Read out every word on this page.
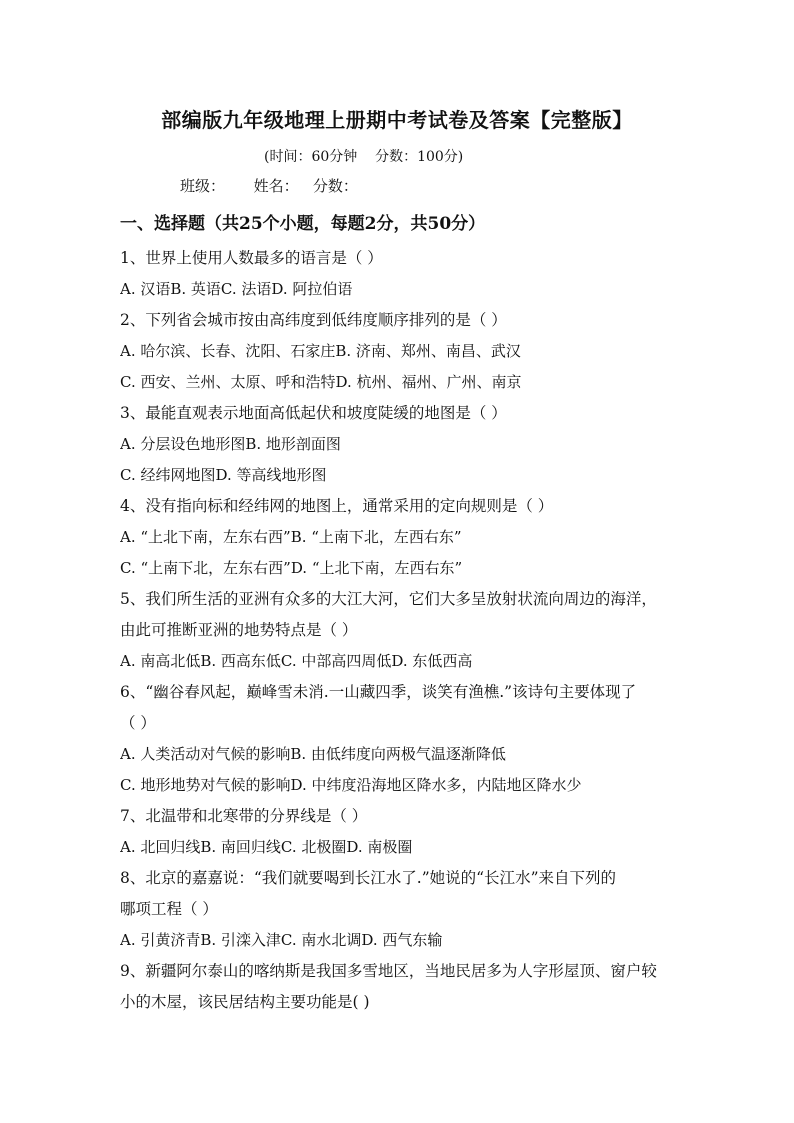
部编版九年级地理上册期中考试卷及答案【完整版】
(时间：60分钟    分数：100分)
班级：      姓名：   分数：
一、选择题（共25个小题，每题2分，共50分）
1、世界上使用人数最多的语言是（ ）
A. 汉语B. 英语C. 法语D. 阿拉伯语
2、下列省会城市按由高纬度到低纬度顺序排列的是（ ）
A. 哈尔滨、长春、沈阳、石家庄B. 济南、郑州、南昌、武汉
C. 西安、兰州、太原、呼和浩特D. 杭州、福州、广州、南京
3、最能直观表示地面高低起伏和坡度陡缓的地图是（ ）
A. 分层设色地形图B. 地形剖面图
C. 经纬网地图D. 等高线地形图
4、没有指向标和经纬网的地图上，通常采用的定向规则是（ ）
A. “上北下南，左东右西”B. “上南下北，左西右东”
C. “上南下北，左东右西”D. “上北下南，左西右东”
5、我们所生活的亚洲有众多的大江大河，它们大多呈放射状流向周边的海洋，
由此可推断亚洲的地势特点是（ ）
A. 南高北低B. 西高东低C. 中部高四周低D. 东低西高
6、“幽谷春风起，巅峰雪未消.一山藏四季，谈笑有渔樵.”该诗句主要体现了
（ ）
A. 人类活动对气候的影响B. 由低纬度向两极气温逐渐降低
C. 地形地势对气候的影响D. 中纬度沿海地区降水多，内陆地区降水少
7、北温带和北寒带的分界线是（ ）
A. 北回归线B. 南回归线C. 北极圈D. 南极圈
8、北京的嘉嘉说：“我们就要喝到长江水了.”她说的“长江水”来自下列的
哪项工程（ ）
A. 引黄济青B. 引滦入津C. 南水北调D. 西气东输
9、新疆阿尔泰山的喀纳斯是我国多雪地区，当地民居多为人字形屋顶、窗户较
小的木屋，该民居结构主要功能是( )
